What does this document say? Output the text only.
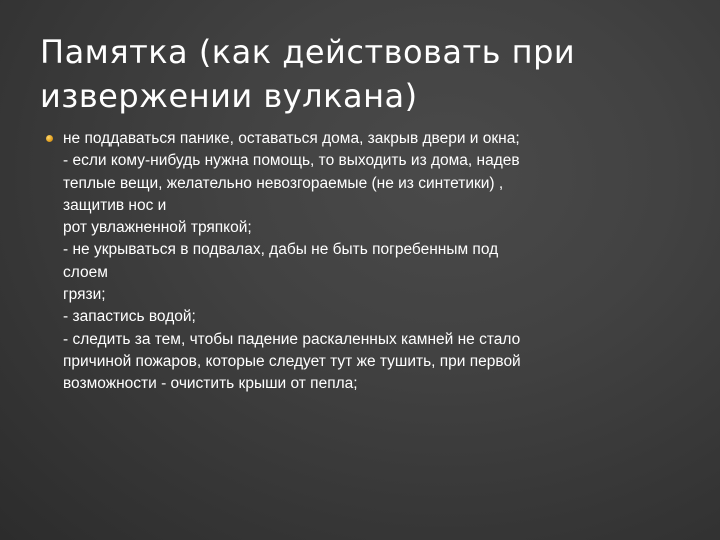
Памятка (как действовать при
извержении вулкана)

не поддаваться панике, оставаться дома, закрыв двери и окна;
- если кому-нибудь нужна помощь, то выходить из дома, надев
теплые вещи, желательно невозгораемые (не из синтетики) ,
защитив нос и
рот увлажненной тряпкой;
- не укрываться в подвалах, дабы не быть погребенным под
слоем
грязи;
- запастись водой;
- следить за тем, чтобы падение раскаленных камней не стало
причиной пожаров, которые следует тут же тушить, при первой
возможности - очистить крыши от пепла;
